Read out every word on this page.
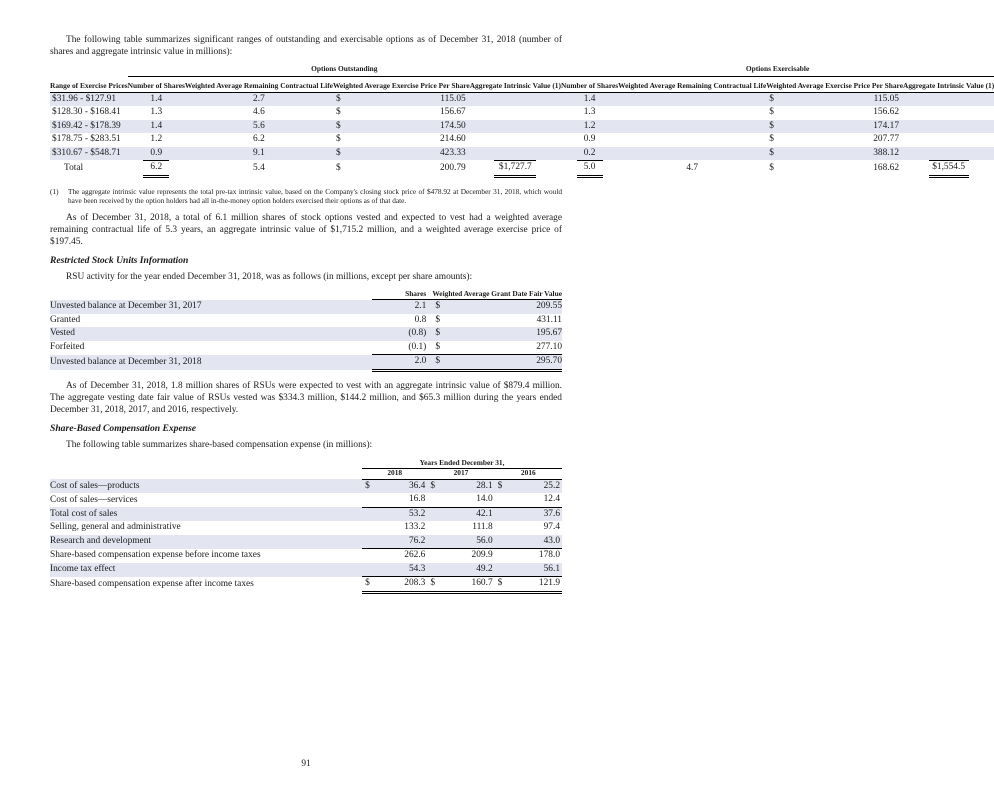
The following table summarizes significant ranges of outstanding and exercisable options as of December 31, 2018 (number of shares and aggregate intrinsic value in millions):

	Options Outstanding					Options Exercisable				

Range of Exercise Prices	Number of Shares	Weighted Average Remaining Contractual Life	Weighted Average Exercise Price Per Share		Aggregate Intrinsic Value (1)	Number of Shares	Weighted Average Remaining Contractual Life	Weighted Average Exercise Price Per Share		Aggregate Intrinsic Value (1)
$31.96 - $127.91	1.4	2.7	$	115.05		1.4		$	115.05	
$128.30 - $168.41	1.3	4.6	$	156.67		1.3		$	156.62	
$169.42 - $178.39	1.4	5.6	$	174.50		1.2		$	174.17	
$178.75 - $283.51	1.2	6.2	$	214.60		0.9		$	207.77	
$310.67 - $548.71	0.9	9.1	$	423.33		0.2		$	388.12	
Total	6.2	5.4	$	200.79	$1,727.7	5.0	4.7	$	168.62	$1,554.5
(1)	The aggregate intrinsic value represents the total pre-tax intrinsic value, based on the Company's closing stock price of $478.92 at December 31, 2018, which would have been received by the option holders had all in-the-money option holders exercised their options as of that date.

As of December 31, 2018, a total of 6.1 million shares of stock options vested and expected to vest had a weighted average remaining contractual life of 5.3 years, an aggregate intrinsic value of $1,715.2 million, and a weighted average exercise price of $197.45.

Restricted Stock Units Information

RSU activity for the year ended December 31, 2018, was as follows (in millions, except per share amounts):

	Shares	Weighted Average Grant Date Fair Value	
Unvested balance at December 31, 2017	2.1	$	209.55
Granted	0.8	$	431.11
Vested	(0.8)	$	195.67
Forfeited	(0.1)	$	277.10
Unvested balance at December 31, 2018	2.0	$	295.70

As of December 31, 2018, 1.8 million shares of RSUs were expected to vest with an aggregate intrinsic value of $879.4 million. The aggregate vesting date fair value of RSUs vested was $334.3 million, $144.2 million, and $65.3 million during the years ended December 31, 2018, 2017, and 2016, respectively.

Share-Based Compensation Expense

The following table summarizes share-based compensation expense (in millions):

	Years Ended December 31,					
	2018		2017		2016	
Cost of sales—products	$	36.4	$	28.1	$	25.2
Cost of sales—services		16.8		14.0		12.4
Total cost of sales		53.2		42.1		37.6
Selling, general and administrative		133.2		111.8		97.4
Research and development		76.2		56.0		43.0
Share-based compensation expense before income taxes		262.6		209.9		178.0
Income tax effect		54.3		49.2		56.1
Share-based compensation expense after income taxes	$	208.3	$	160.7	$	121.9
91
